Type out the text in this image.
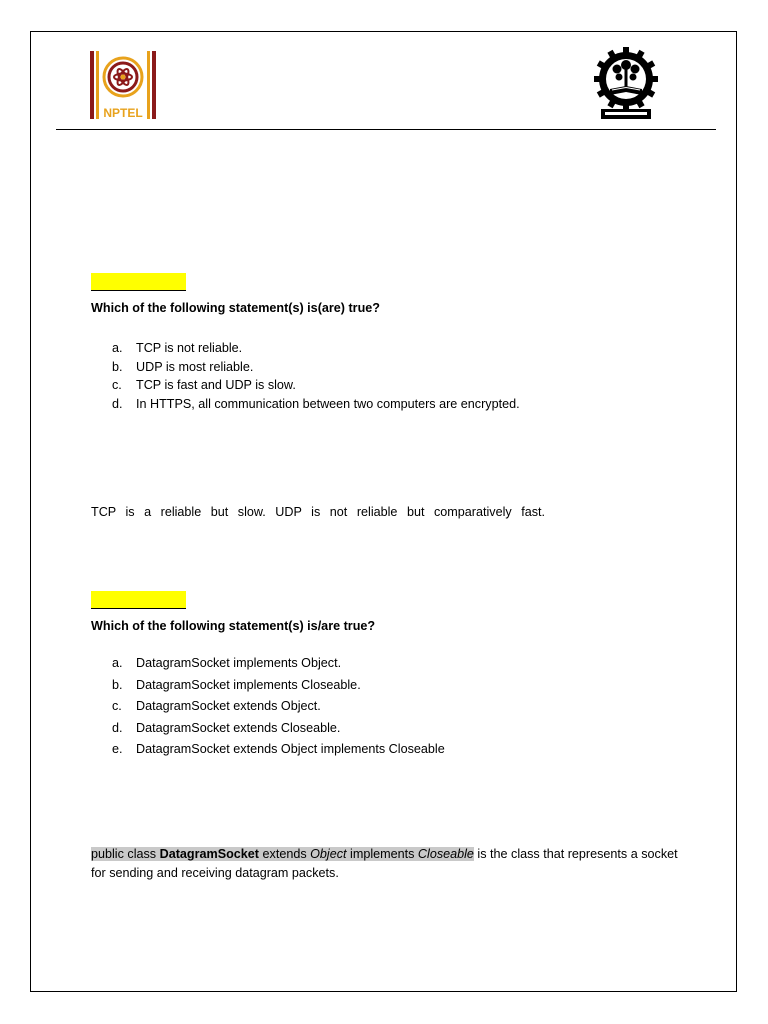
NPTEL
Which of the following statement(s) is(are) true?
a. TCP is not reliable.
b. UDP is most reliable.
c. TCP is fast and UDP is slow.
d. In HTTPS, all communication between two computers are encrypted.
TCP is a reliable but slow. UDP is not reliable but comparatively fast.
Which of the following statement(s) is/are true?
a. DatagramSocket implements Object.
b. DatagramSocket implements Closeable.
c. DatagramSocket extends Object.
d. DatagramSocket extends Closeable.
e. DatagramSocket extends Object implements Closeable
public class DatagramSocket extends Object implements Closeable is the class that represents a socket for sending and receiving datagram packets.
